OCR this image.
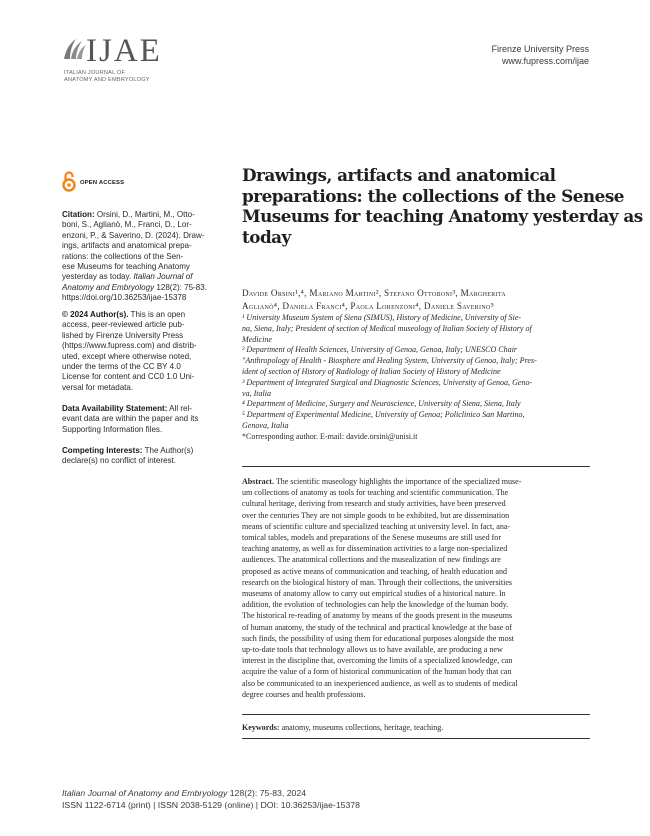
IJAE
ITALIAN JOURNAL OF
ANATOMY AND EMBRYOLOGY
Firenze University Press
www.fupress.com/ijae
OPEN ACCESS
Citation: Orsini, D., Martini, M., Otto-
boni, S., Aglianò, M., Franci, D., Lor-
enzoni, P., & Saverino, D. (2024). Draw-
ings, artifacts and anatomical prepa-
rations: the collections of the Sen-
ese Museums for teaching Anatomy
yesterday as today. Italian Journal of
Anatomy and Embryology 128(2): 75-83.
https://doi.org/10.36253/ijae-15378
© 2024 Author(s). This is an open
access, peer-reviewed article pub-
lished by Firenze University Press
(https://www.fupress.com) and distrib-
uted, except where otherwise noted,
under the terms of the CC BY 4.0
License for content and CC0 1.0 Uni-
versal for metadata.
Data Availability Statement: All rel-
evant data are within the paper and its
Supporting Information files.
Competing Interests: The Author(s)
declare(s) no conflict of interest.
Drawings, artifacts and anatomical
preparations: the collections of the Senese
Museums for teaching Anatomy yesterday as
today
Davide Orsini¹,⁴, Mariano Martini², Stefano Ottoboni³, Margherita
Aglianò⁴, Daniela Franci⁴, Paola Lorenzoni⁴, Daniele Saverino⁵
¹ University Museum System of Siena (SIMUS), History of Medicine, University of Sie-
na, Siena, Italy; President of section of Medical museology of Italian Society of History of
Medicine
² Department of Health Sciences, University of Genoa, Genoa, Italy; UNESCO Chair
"Anthropology of Health - Biosphere and Healing System, University of Genoa, Italy; Pres-
ident of section of History of Radiology of Italian Society of History of Medicine
³ Department of Integrated Surgical and Diagnostic Sciences, University of Genoa, Geno-
va, Italia
⁴ Department of Medicine, Surgery and Neuroscience, University of Siena, Siena, Italy
⁵ Department of Experimental Medicine, University of Genoa; Policlinico San Martino,
Genova, Italia
*Corresponding author. E-mail: davide.orsini@unisi.it
Abstract. The scientific museology highlights the importance of the specialized muse-
um collections of anatomy as tools for teaching and scientific communication. The
cultural heritage, deriving from research and study activities, have been preserved
over the centuries They are not simple goods to be exhibited, but are dissemination
means of scientific culture and specialized teaching at university level. In fact, ana-
tomical tables, models and preparations of the Senese museums are still used for
teaching anatomy, as well as for dissemination activities to a large non-specialized
audiences. The anatomical collections and the musealization of new findings are
proposed as active means of communication and teaching, of health education and
research on the biological history of man. Through their collections, the universities
museums of anatomy allow to carry out empirical studies of a historical nature. In
addition, the evolution of technologies can help the knowledge of the human body.
The historical re-reading of anatomy by means of the goods present in the museums
of human anatomy, the study of the technical and practical knowledge at the base of
such finds, the possibility of using them for educational purposes alongside the most
up-to-date tools that technology allows us to have available, are producing a new
interest in the discipline that, overcoming the limits of a specialized knowledge, can
acquire the value of a form of historical communication of the human body that can
also be communicated to an inexperienced audience, as well as to students of medical
degree courses and health professions.
Keywords: anatomy, museums collections, heritage, teaching.
Italian Journal of Anatomy and Embryology 128(2): 75-83, 2024
ISSN 1122-6714 (print) | ISSN 2038-5129 (online) | DOI: 10.36253/ijae-15378
